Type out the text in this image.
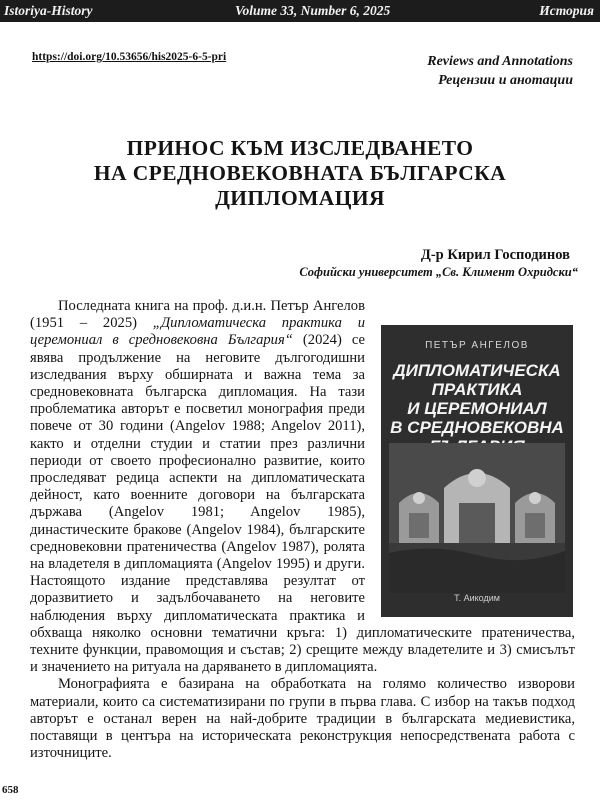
Istoriya-History	Volume 33, Number 6, 2025	История
https://doi.org/10.53656/his2025-6-5-pri	Reviews and Annotations
Рецензии и анотации
ПРИНОС КЪМ ИЗСЛЕДВАНЕТО
НА СРЕДНОВЕКОВНАТА БЪЛГАРСКА
ДИПЛОМАЦИЯ
Д-р Кирил Господинов
Софийски университет „Св. Климент Охридски“
ПЕТЪР АНГЕЛОВ
ДИПЛОМАТИЧЕСКА
ПРАКТИКА
И ЦЕРЕМОНИАЛ
В СРЕДНОВЕКОВНА
Т. Аикодим

Последната книга на проф. д.и.н. Петър Ангелов (1951 – 2025) „Дипломатическа практика и церемониал в средновековна България“ (2024) се явява продължение на неговите дългогодишни изследвания върху обширната и важна тема за средновековната българска дипломация. На тази проблематика авторът е посветил монография преди повече от 30 години (Angelov 1988; Angelov 2011), както и отделни студии и статии през различни периоди от своето професионално развитие, които проследяват редица аспекти на дипломатическата дейност, като военните договори на българската държава (Angelov 1981; Angelov 1985), династическите бракове (Angelov 1984), българските средновековни пратеничества (Angelov 1987), ролята на владетеля в дипломацията (Angelov 1995) и други. Настоящото издание представлява резултат от доразвитието и задълбочаването на неговите наблюдения върху дипломатическата практика и обхваща няколко основни тематични кръга: 1) дипломатическите пратеничества, техните функции, правомощия и състав; 2) срещите между владетелите и 3) смисълът и значението на ритуала на даряването в дипломацията.

Монографията е базирана на обработката на голямо количество изворови материали, които са систематизирани по групи в първа глава. С избор на такъв подход авторът е останал верен на най-добрите традиции в българската медиевистика, поставящи в центъра на историческата реконструкция непосредствената работа с източниците.

658
